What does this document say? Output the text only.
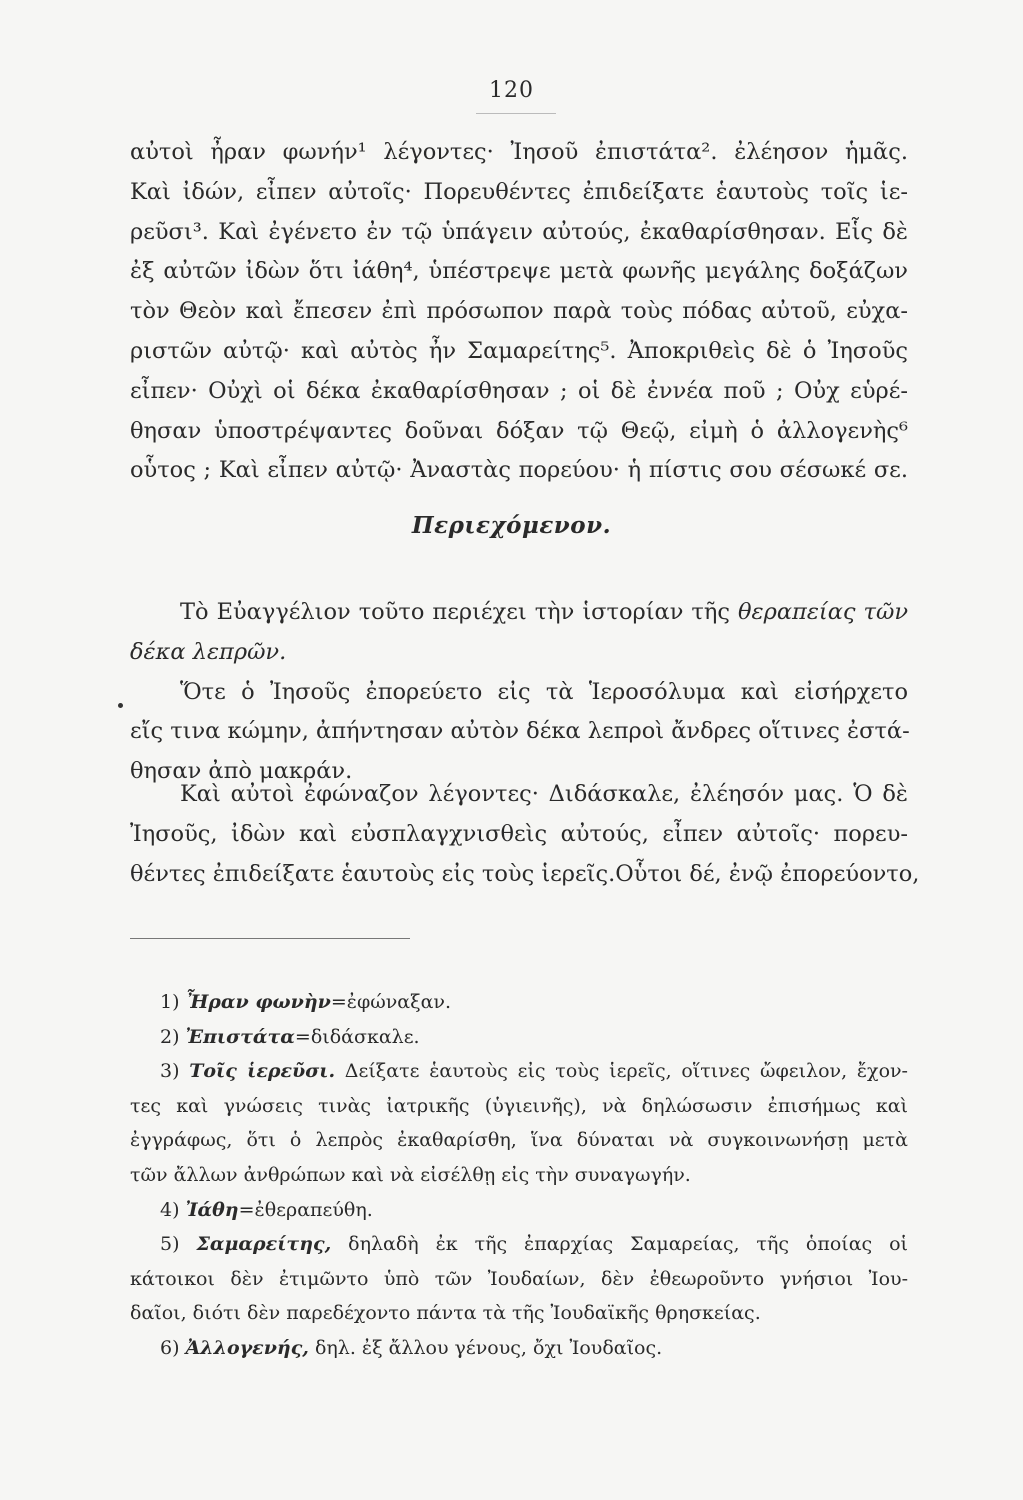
120
αὐτοὶ ἦραν φωνήν¹ λέγοντες· Ἰησοῦ ἐπιστάτα². ἐλέησον ἡμᾶς.
Καὶ ἰδών, εἶπεν αὐτοῖς· Πορευθέντες ἐπιδείξατε ἑαυτοὺς τοῖς ἱε-
ρεῦσι³. Καὶ ἐγένετο ἐν τῷ ὑπάγειν αὐτούς, ἐκαθαρίσθησαν. Εἷς δὲ
ἐξ αὐτῶν ἰδὼν ὅτι ἰάθη⁴, ὑπέστρεψε μετὰ φωνῆς μεγάλης δοξάζων
τὸν Θεὸν καὶ ἔπεσεν ἐπὶ πρόσωπον παρὰ τοὺς πόδας αὐτοῦ, εὐχα-
ριστῶν αὐτῷ· καὶ αὐτὸς ἦν Σαμαρείτης⁵. Ἀποκριθεὶς δὲ ὁ Ἰησοῦς
εἶπεν· Οὐχὶ οἱ δέκα ἐκαθαρίσθησαν ; οἱ δὲ ἐννέα ποῦ ; Οὐχ εὑρέ-
θησαν ὑποστρέψαντες δοῦναι δόξαν τῷ Θεῷ, εἰμὴ ὁ ἀλλογενὴς⁶
οὗτος ; Καὶ εἶπεν αὐτῷ· Ἀναστὰς πορεύου· ἡ πίστις σου σέσωκέ σε.
Περιεχόμενον.
Τὸ Εὐαγγέλιον τοῦτο περιέχει τὴν ἱστορίαν τῆς θεραπείας τῶν
δέκα λεπρῶν.
Ὅτε ὁ Ἰησοῦς ἐπορεύετο εἰς τὰ Ἱεροσόλυμα καὶ εἰσήρχετο
εἴς τινα κώμην, ἀπήντησαν αὐτὸν δέκα λεπροὶ ἄνδρες οἵτινες ἐστά-
θησαν ἀπὸ μακράν.
Καὶ αὐτοὶ ἐφώναζον λέγοντες· Διδάσκαλε, ἐλέησόν μας. Ὁ δὲ
Ἰησοῦς, ἰδὼν καὶ εὐσπλαγχνισθεὶς αὐτούς, εἶπεν αὐτοῖς· πορευ-
θέντες ἐπιδείξατε ἑαυτοὺς εἰς τοὺς ἱερεῖς.Οὗτοι δέ, ἐνῷ ἐπορεύοντο,
1) Ἦραν φωνὴν=ἐφώναξαν.
2) Ἐπιστάτα=διδάσκαλε.
3) Τοῖς ἱερεῦσι. Δείξατε ἑαυτοὺς εἰς τοὺς ἱερεῖς, οἵτινες ὤφειλον, ἔχον-
τες καὶ γνώσεις τινὰς ἰατρικῆς (ὑγιεινῆς), νὰ δηλώσωσιν ἐπισήμως καὶ
ἐγγράφως, ὅτι ὁ λεπρὸς ἐκαθαρίσθη, ἵνα δύναται νὰ συγκοινωνήσῃ μετὰ
τῶν ἄλλων ἀνθρώπων καὶ νὰ εἰσέλθῃ εἰς τὴν συναγωγήν.
4) Ἰάθη=ἐθεραπεύθη.
5) Σαμαρείτης, δηλαδὴ ἐκ τῆς ἐπαρχίας Σαμαρείας, τῆς ὁποίας οἱ
κάτοικοι δὲν ἐτιμῶντο ὑπὸ τῶν Ἰουδαίων, δὲν ἐθεωροῦντο γνήσιοι Ἰου-
δαῖοι, διότι δὲν παρεδέχοντο πάντα τὰ τῆς Ἰουδαϊκῆς θρησκείας.
6) Ἀλλογενής, δηλ. ἐξ ἄλλου γένους, ὄχι Ἰουδαῖος.
